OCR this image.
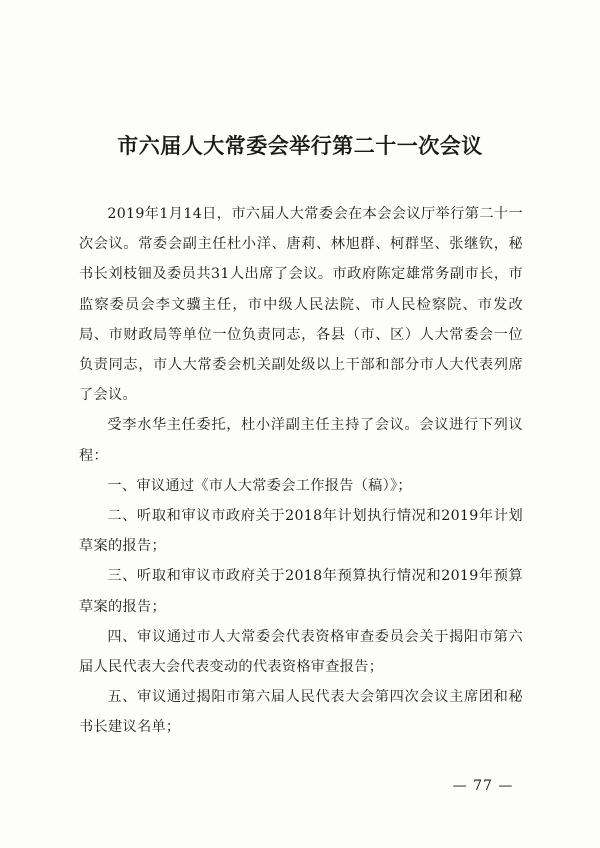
市六届人大常委会举行第二十一次会议

2019年1月14日，市六届人大常委会在本会会议厅举行第二十一次会议。常委会副主任杜小洋、唐莉、林旭群、柯群坚、张继钦，秘书长刘枝钿及委员共31人出席了会议。市政府陈定雄常务副市长，市监察委员会李文骥主任，市中级人民法院、市人民检察院、市发改局、市财政局等单位一位负责同志，各县（市、区）人大常委会一位负责同志，市人大常委会机关副处级以上干部和部分市人大代表列席了会议。

受李水华主任委托，杜小洋副主任主持了会议。会议进行下列议程：

一、审议通过《市人大常委会工作报告（稿）》；

二、听取和审议市政府关于2018年计划执行情况和2019年计划草案的报告；

三、听取和审议市政府关于2018年预算执行情况和2019年预算草案的报告；

四、审议通过市人大常委会代表资格审查委员会关于揭阳市第六届人民代表大会代表变动的代表资格审查报告；

五、审议通过揭阳市第六届人民代表大会第四次会议主席团和秘书长建议名单；

— 77 —
